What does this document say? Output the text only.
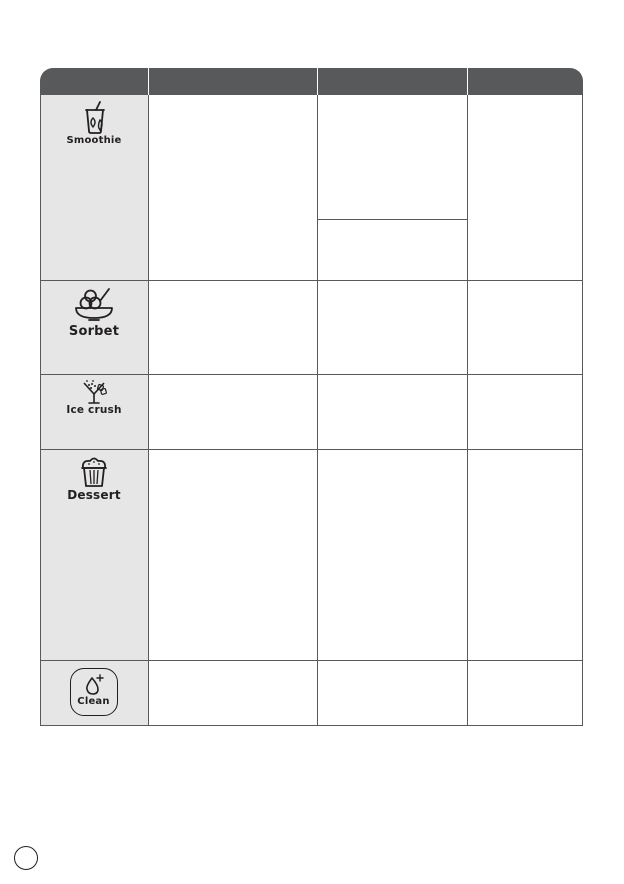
Smoothie
Sorbet
Ice crush
Dessert
Clean
